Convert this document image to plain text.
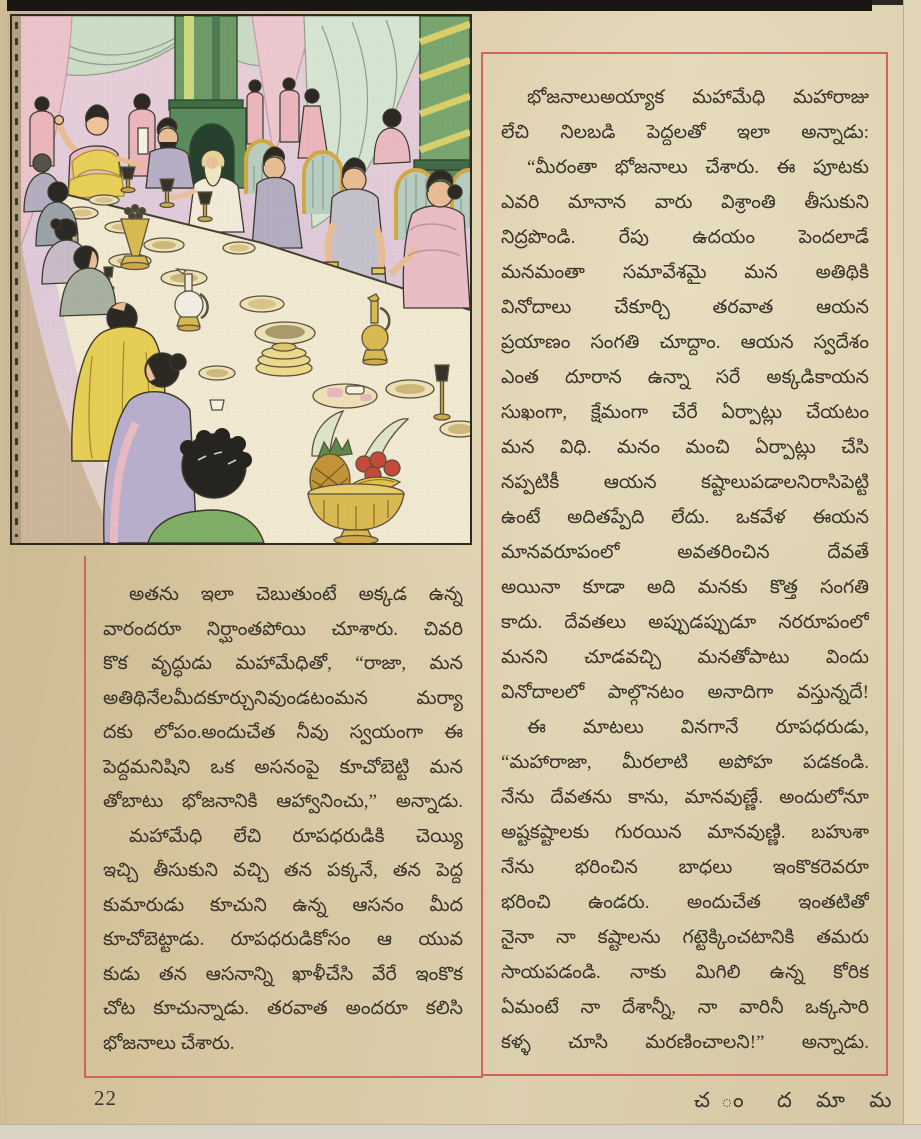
అతను ఇలా చెబుతుంటే అక్కడ ఉన్న
వారందరూ నిర్ఘాంతపోయి చూశారు. చివరి
కొక వృద్ధుడు మహామేధితో, “రాజా, మన
అతిథినేలమీదకూర్చునివుండటంమన మర్యా
దకు లోపం.అందుచేత నీవు స్వయంగా ఈ
పెద్దమనిషిని ఒక అసనంపై కూచోబెట్టి మన
తోబాటు భోజనానికి ఆహ్వానించు,” అన్నాడు.
మహామేధి లేచి రూపధరుడికి చెయ్యి
ఇచ్చి తీసుకుని వచ్చి తన పక్కనే, తన పెద్ద
కుమారుడు కూచుని ఉన్న ఆసనం మీద
కూచోబెట్టాడు. రూపధరుడికోసం ఆ యువ
కుడు తన ఆసనాన్ని ఖాళీచేసి వేరే ఇంకొక
చోట కూచున్నాడు. తరవాత అందరూ కలిసి
భోజనాలు చేశారు.
భోజనాలుఅయ్యాక మహామేధి మహారాజు
లేచి నిలబడి పెద్దలతో ఇలా అన్నాడు:
“మీరంతా భోజనాలు చేశారు. ఈ పూటకు
ఎవరి మానాన వారు విశ్రాంతి తీసుకుని
నిద్రపొండి. రేపు ఉదయం పెందలాడే
మనమంతా సమావేశమై మన అతిథికి
వినోదాలు చేకూర్చి తరవాత ఆయన
ప్రయాణం సంగతి చూద్దాం. ఆయన స్వదేశం
ఎంత దూరాన ఉన్నా సరే అక్కడికాయన
సుఖంగా, క్షేమంగా చేరే ఏర్పాట్లు చేయటం
మన విధి. మనం మంచి ఏర్పాట్లు చేసి
నప్పటికీ ఆయన కష్టాలుపడాలనిరాసిపెట్టి
ఉంటే అదితప్పేది లేదు. ఒకవేళ ఈయన
మానవరూపంలో అవతరించిన దేవతే
అయినా కూడా అది మనకు కొత్త సంగతి
కాదు. దేవతలు అప్పుడప్పుడూ నరరూపంలో
మనని చూడవచ్చి మనతోపాటు విందు
వినోదాలలో పాల్గొనటం అనాదిగా వస్తున్నదే!
ఈ మాటలు వినగానే రూపధరుడు,
“మహారాజా, మీరలాటి అపోహ పడకండి.
నేను దేవతను కాను, మానవుణ్ణే. అందులోనూ
అష్టకష్టాలకు గురయిన మానవుణ్ణి. బహుశా
నేను భరించిన బాధలు ఇంకొకరెవరూ
భరించి ఉండరు. అందుచేత ఇంతటితో
నైనా నా కష్టాలను గట్టెక్కించటానికి తమరు
సాయపడండి. నాకు మిగిలి ఉన్న కోరిక
ఏమంటే నా దేశాన్నీ, నా వారినీ ఒక్కసారి
కళ్ళ చూసి మరణించాలని!” అన్నాడు.
22	చ ం ద మా మ
